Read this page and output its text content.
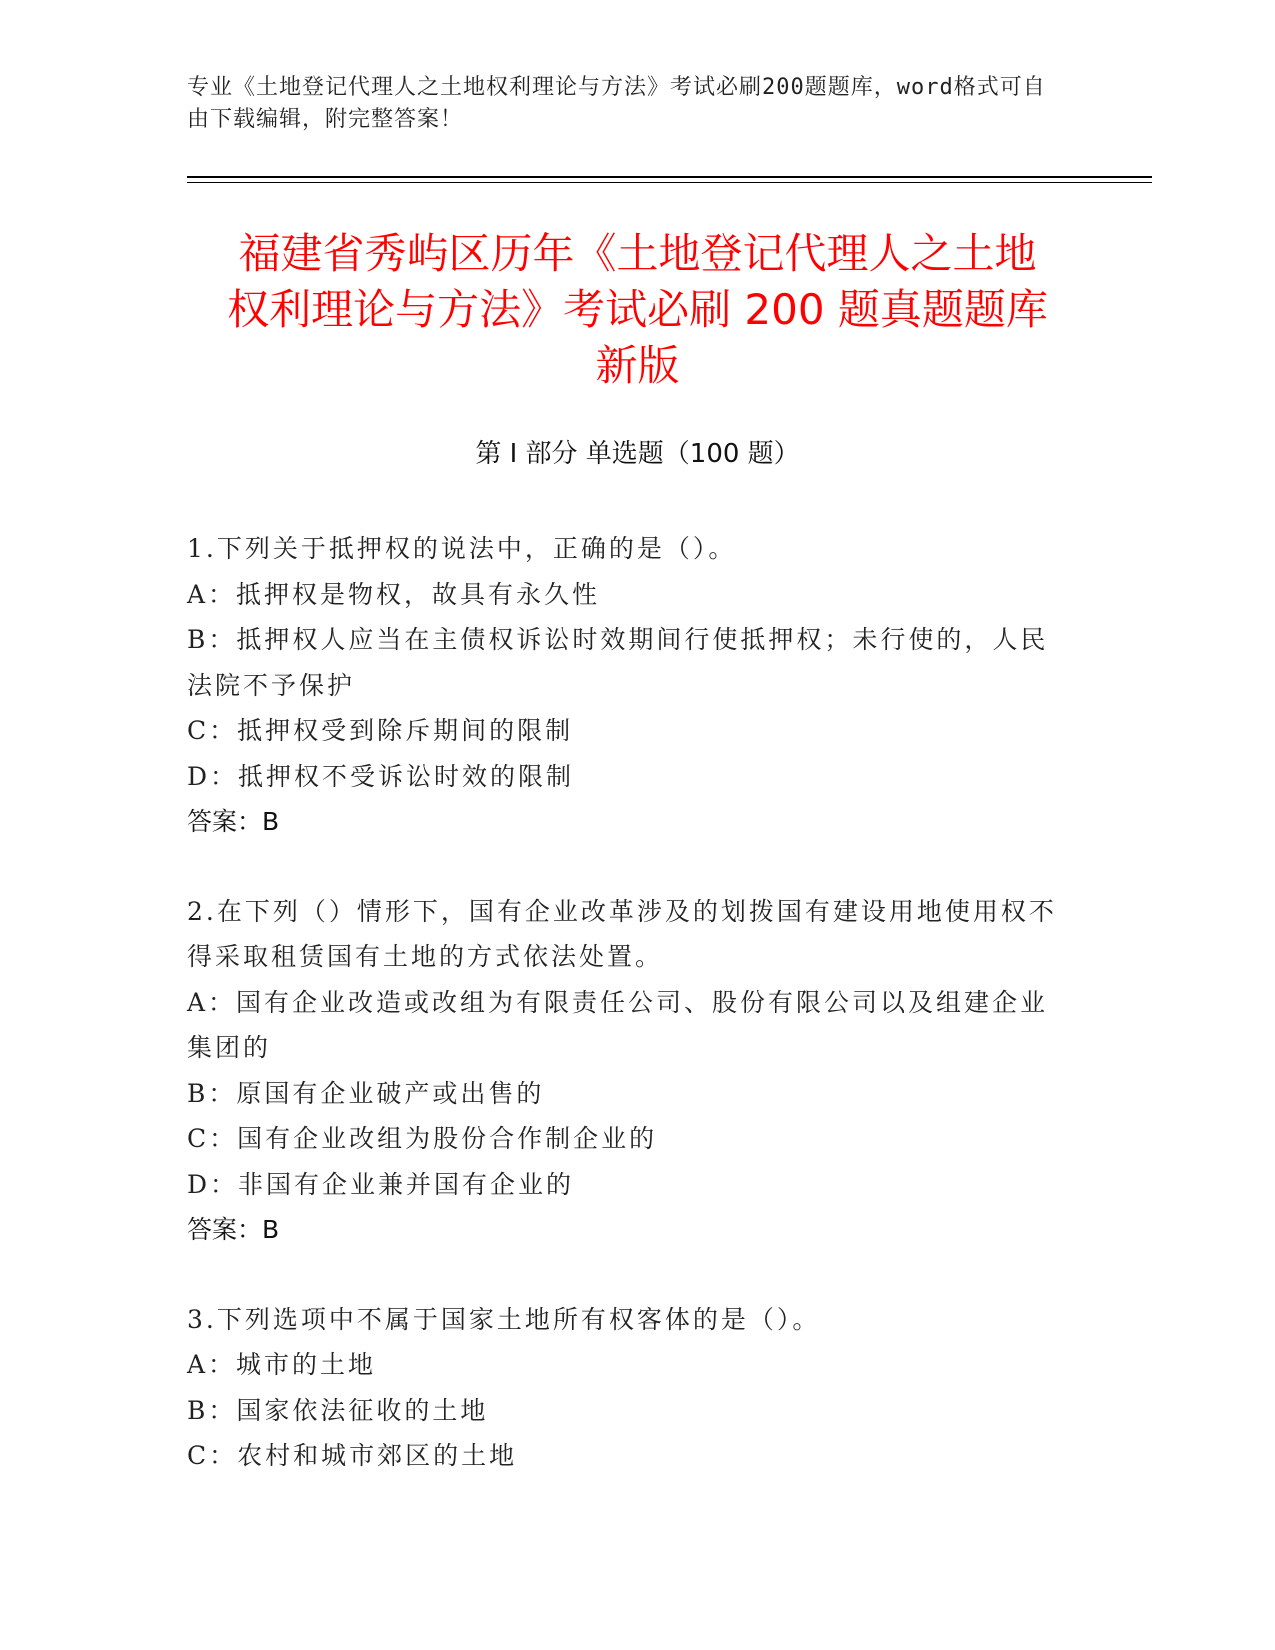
专业《土地登记代理人之土地权利理论与方法》考试必刷200题题库，word格式可自由下载编辑，附完整答案！
福建省秀屿区历年《土地登记代理人之土地
权利理论与方法》考试必刷 200 题真题题库
新版
第 I 部分 单选题（100 题）

1.下列关于抵押权的说法中，正确的是（）。

A：抵押权是物权，故具有永久性

B：抵押权人应当在主债权诉讼时效期间行使抵押权；未行使的，人民法院不予保护

C：抵押权受到除斥期间的限制

D：抵押权不受诉讼时效的限制

答案：B

2.在下列（）情形下，国有企业改革涉及的划拨国有建设用地使用权不得采取租赁国有土地的方式依法处置。

A：国有企业改造或改组为有限责任公司、股份有限公司以及组建企业集团的

B：原国有企业破产或出售的

C：国有企业改组为股份合作制企业的

D：非国有企业兼并国有企业的

答案：B

3.下列选项中不属于国家土地所有权客体的是（）。

A：城市的土地

B：国家依法征收的土地

C：农村和城市郊区的土地
